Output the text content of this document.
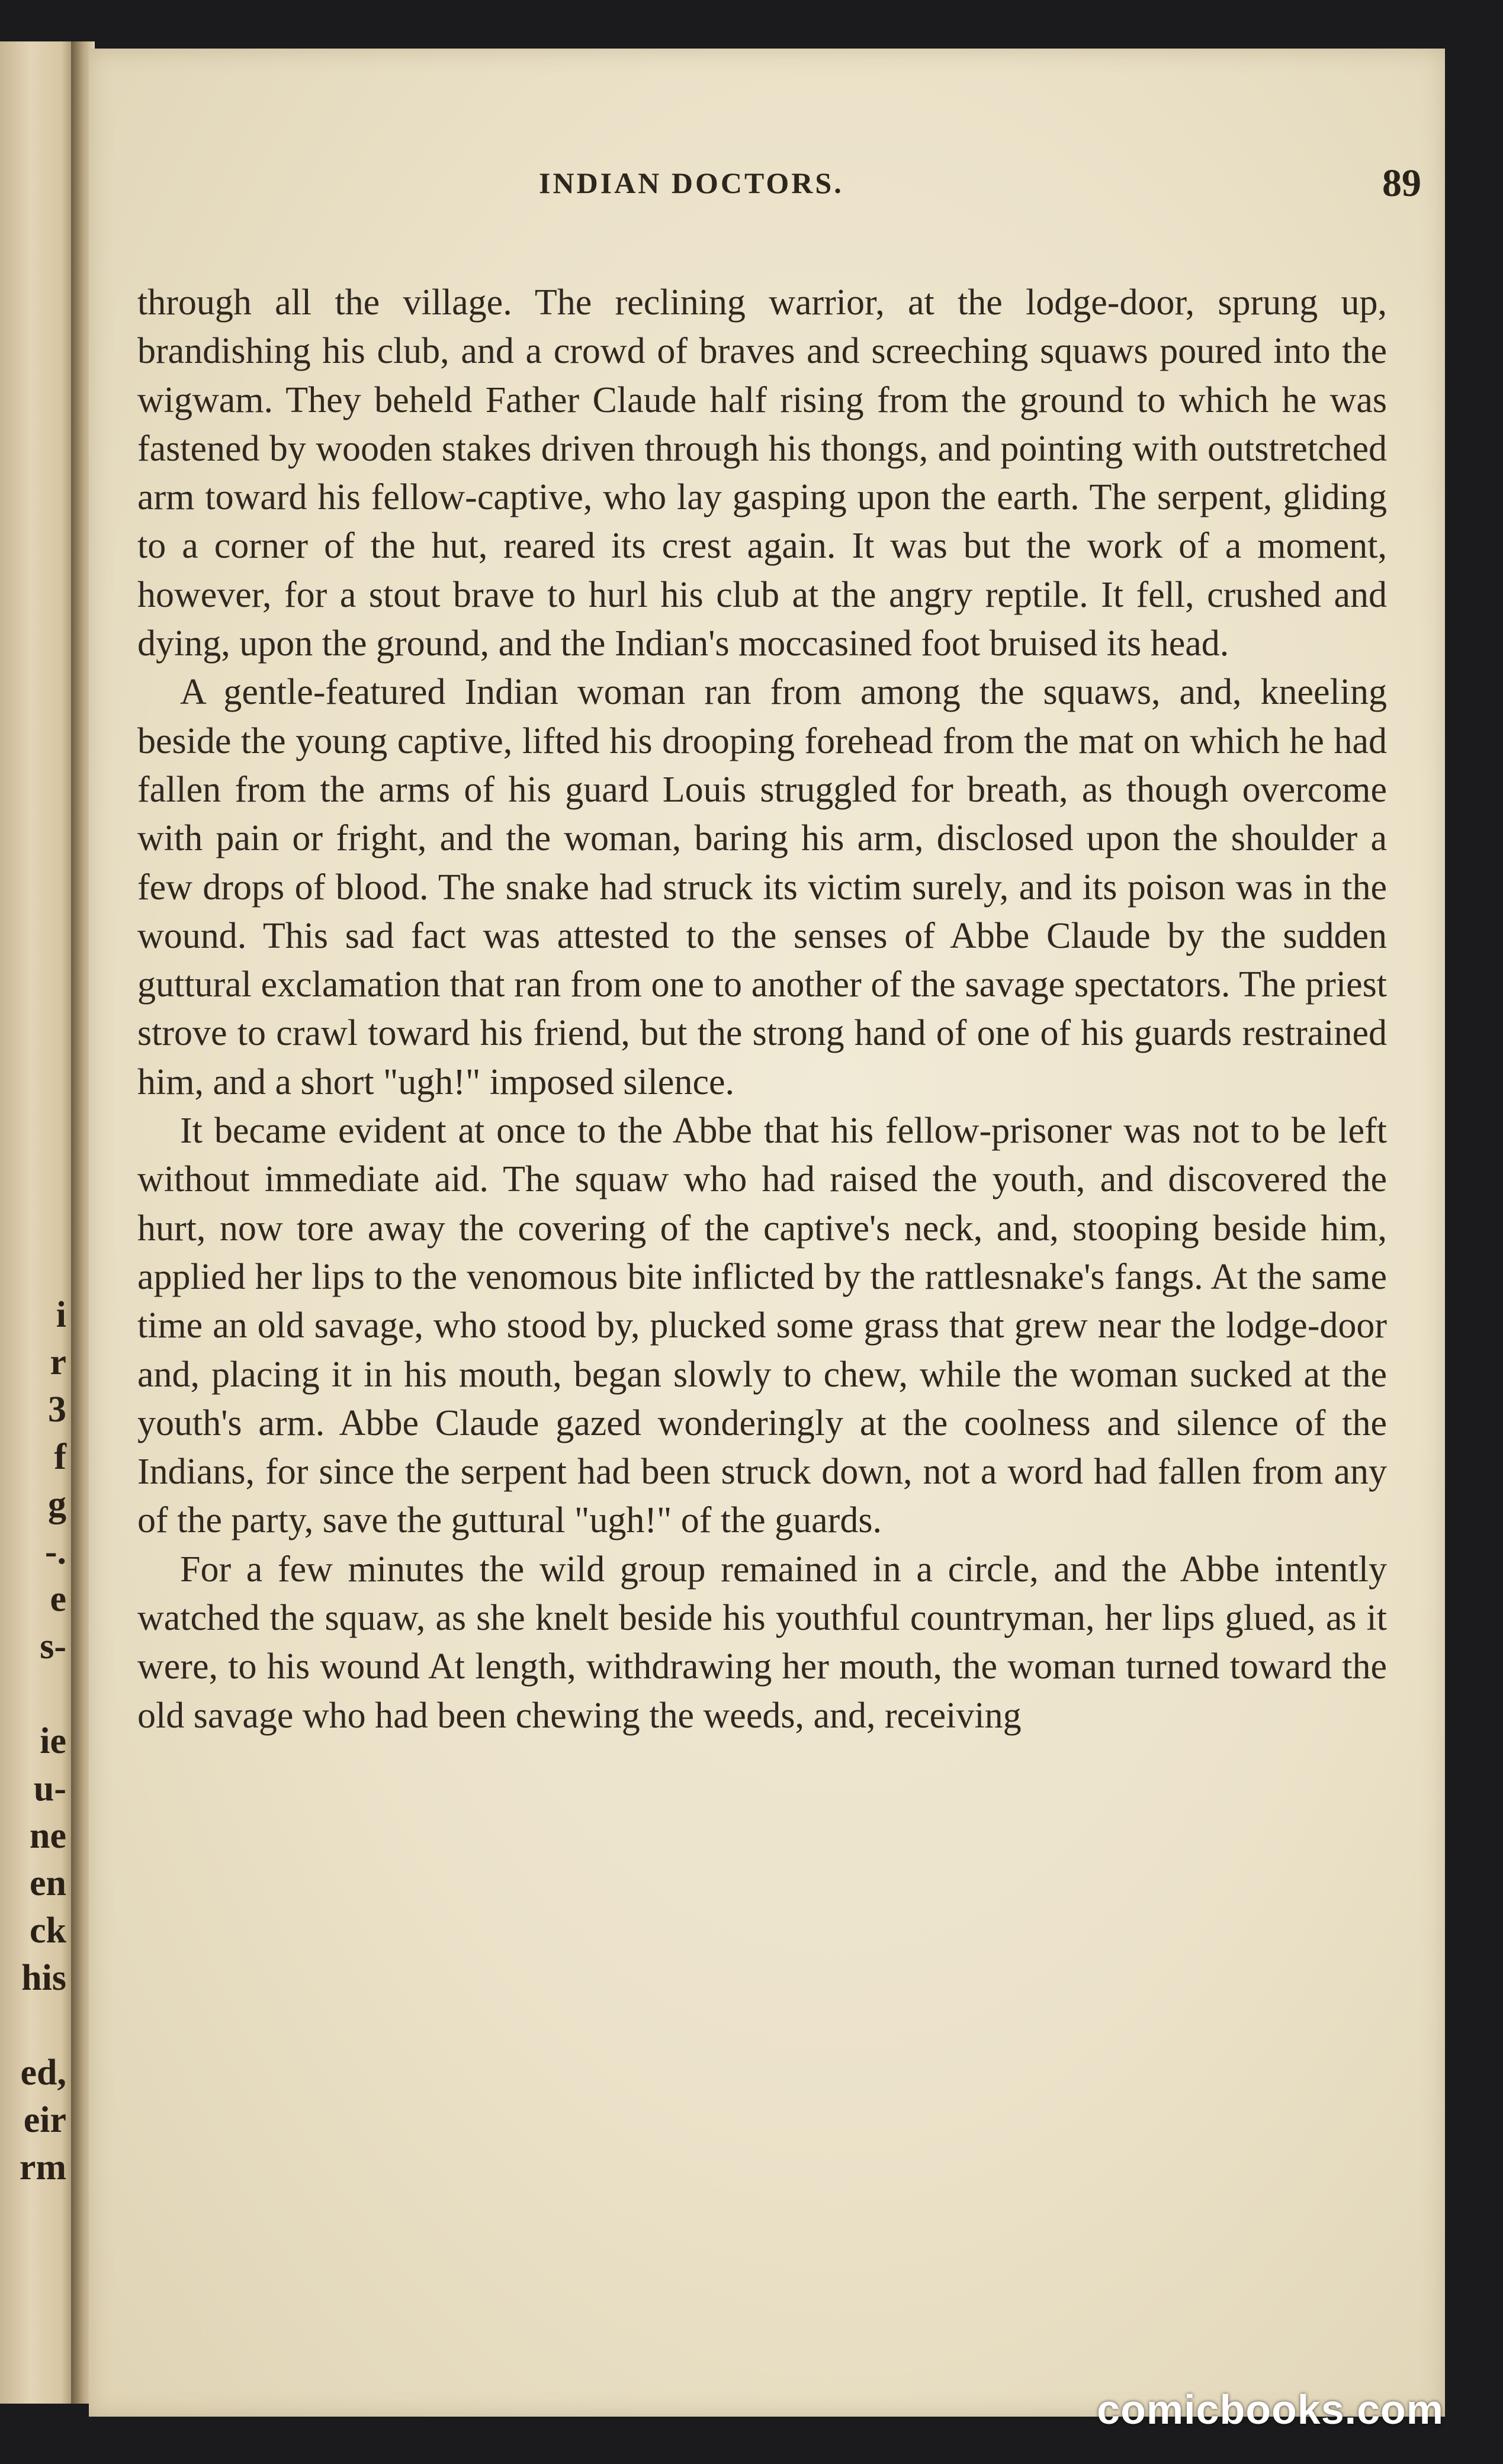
i
r
3
f
g
-.
e
s-
ie
u-
ne
en
ck
his
ed,
eir
rm
INDIAN DOCTORS.	89

through all the village. The reclining warrior, at the lodge-door, sprung up, brandishing his club, and a crowd of braves and screeching squaws poured into the wigwam. They beheld Father Claude half rising from the ground to which he was fastened by wooden stakes driven through his thongs, and pointing with outstretched arm toward his fellow-captive, who lay gasping upon the earth. The serpent, gliding to a corner of the hut, reared its crest again. It was but the work of a moment, however, for a stout brave to hurl his club at the angry reptile. It fell, crushed and dying, upon the ground, and the Indian's moccasined foot bruised its head.

A gentle-featured Indian woman ran from among the squaws, and, kneeling beside the young captive, lifted his drooping forehead from the mat on which he had fallen from the arms of his guard Louis struggled for breath, as though overcome with pain or fright, and the woman, baring his arm, disclosed upon the shoulder a few drops of blood. The snake had struck its victim surely, and its poison was in the wound. This sad fact was attested to the senses of Abbe Claude by the sudden guttural exclamation that ran from one to another of the savage spectators. The priest strove to crawl toward his friend, but the strong hand of one of his guards restrained him, and a short "ugh!" imposed silence.

It became evident at once to the Abbe that his fellow-prisoner was not to be left without immediate aid. The squaw who had raised the youth, and discovered the hurt, now tore away the covering of the captive's neck, and, stooping beside him, applied her lips to the venomous bite inflicted by the rattlesnake's fangs. At the same time an old savage, who stood by, plucked some grass that grew near the lodge-door and, placing it in his mouth, began slowly to chew, while the woman sucked at the youth's arm. Abbe Claude gazed wonderingly at the coolness and silence of the Indians, for since the serpent had been struck down, not a word had fallen from any of the party, save the guttural "ugh!" of the guards.

For a few minutes the wild group remained in a circle, and the Abbe intently watched the squaw, as she knelt beside his youthful countryman, her lips glued, as it were, to his wound At length, withdrawing her mouth, the woman turned toward the old savage who had been chewing the weeds, and, receiving

comicbooks.com
